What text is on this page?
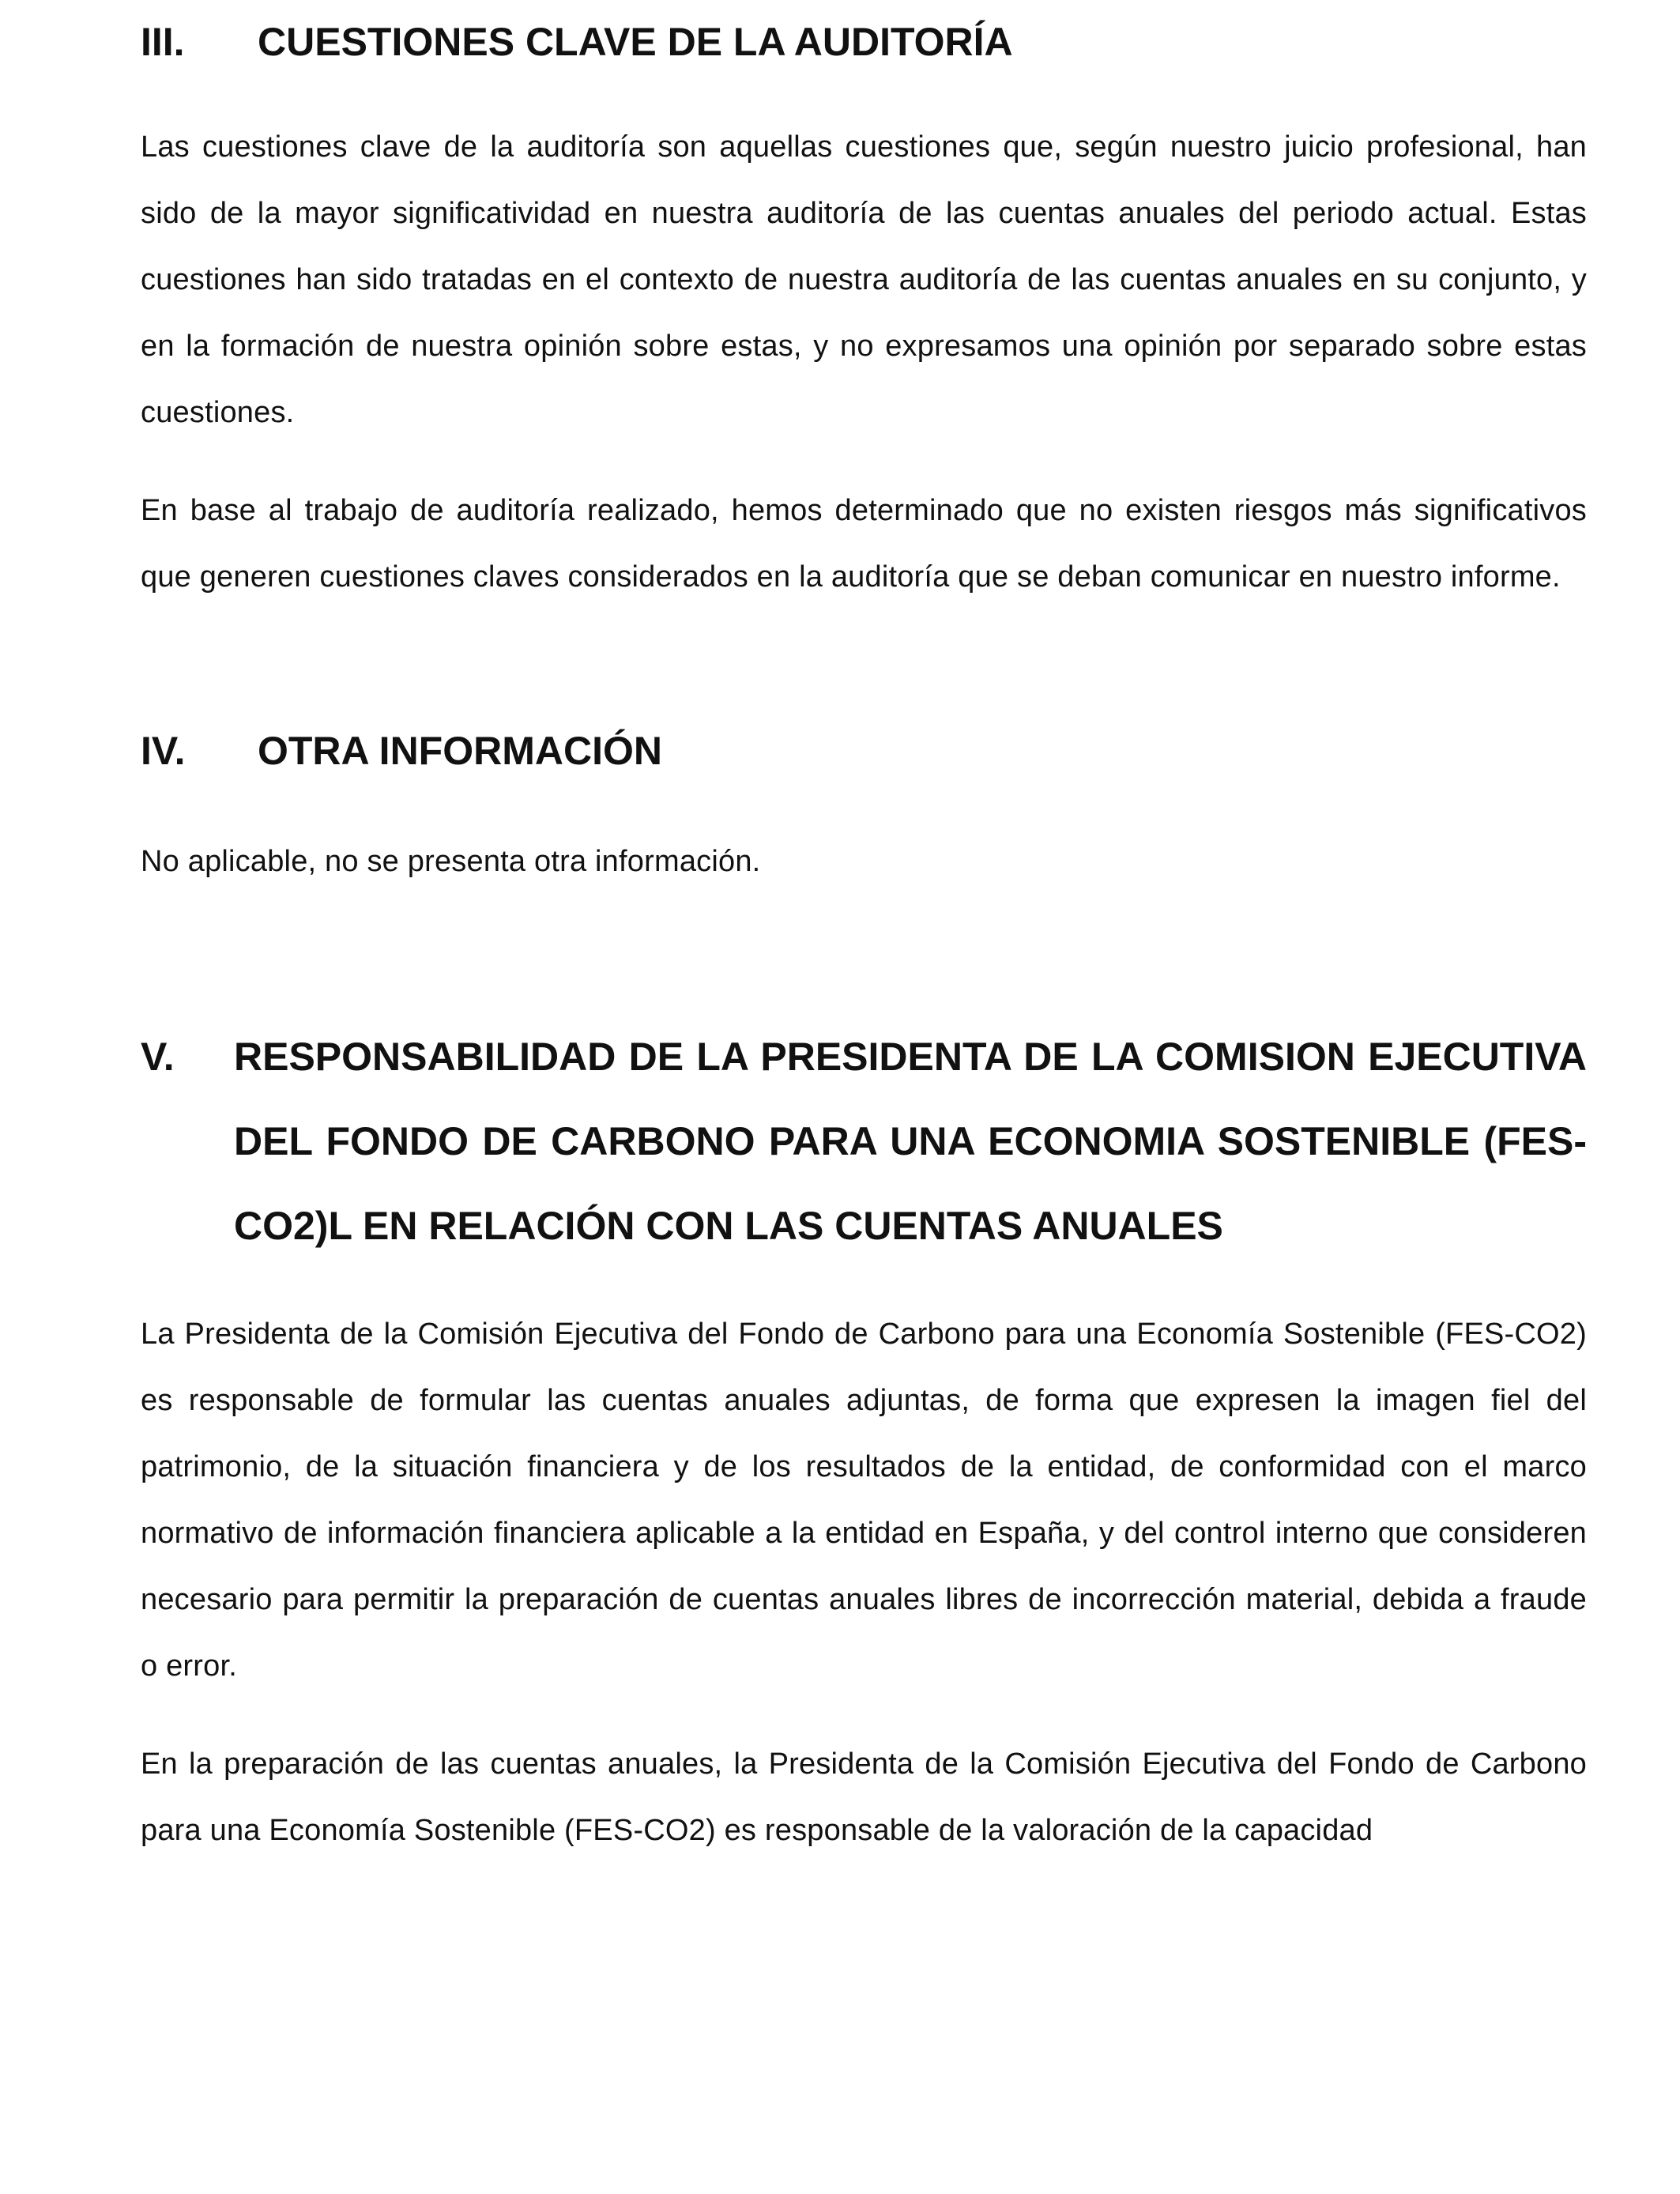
III.	CUESTIONES CLAVE DE LA AUDITORÍA

Las cuestiones clave de la auditoría son aquellas cuestiones que, según nuestro juicio profesional, han sido de la mayor significatividad en nuestra auditoría de las cuentas anuales del periodo actual. Estas cuestiones han sido tratadas en el contexto de nuestra auditoría de las cuentas anuales en su conjunto, y en la formación de nuestra opinión sobre estas, y no expresamos una opinión por separado sobre estas cuestiones.

En base al trabajo de auditoría realizado, hemos determinado que no existen riesgos más significativos que generen cuestiones claves considerados en la auditoría que se deban comunicar en nuestro informe.

IV.	OTRA INFORMACIÓN

No aplicable, no se presenta otra información.

V.	RESPONSABILIDAD DE LA PRESIDENTA DE LA COMISION EJECUTIVA DEL FONDO DE CARBONO PARA UNA ECONOMIA SOSTENIBLE (FES-CO2)L EN RELACIÓN CON LAS CUENTAS ANUALES

La Presidenta de la Comisión Ejecutiva del Fondo de Carbono para una Economía Sostenible (FES-CO2) es responsable de formular las cuentas anuales adjuntas, de forma que expresen la imagen fiel del patrimonio, de la situación financiera y de los resultados de la entidad, de conformidad con el marco normativo de información financiera aplicable a la entidad en España, y del control interno que consideren necesario para permitir la preparación de cuentas anuales libres de incorrección material, debida a fraude o error.

En la preparación de las cuentas anuales, la Presidenta de la Comisión Ejecutiva del Fondo de Carbono para una Economía Sostenible (FES-CO2) es responsable de la valoración de la capacidad
